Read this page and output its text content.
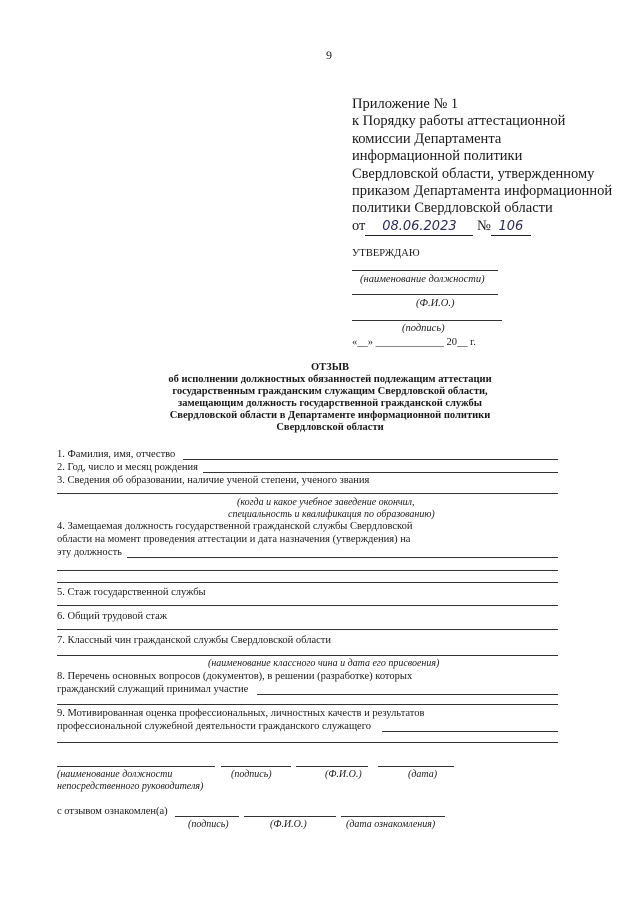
9
Приложение № 1
к Порядку работы аттестационной
комиссии Департамента
информационной политики
Свердловской области, утвержденному
приказом Департамента информационной
политики Свердловской области
от 08.06.2023 № 106
УТВЕРЖДАЮ
(наименование должности)
(Ф.И.О.)
(подпись)
«__» _____________ 20__ г.
ОТЗЫВ
об исполнении должностных обязанностей подлежащим аттестации
государственным гражданским служащим Свердловской области,
замещающим должность государственной гражданской службы
Свердловской области в Департаменте информационной политики
Свердловской области
1. Фамилия, имя, отчество
2. Год, число и месяц рождения
3. Сведения об образовании, наличие ученой степени, ученого звания
(когда и какое учебное заведение окончил,
специальность и квалификация по образованию)
4. Замещаемая должность государственной гражданской службы Свердловской
области на момент проведения аттестации и дата назначения (утверждения) на
эту должность
5. Стаж государственной службы
6. Общий трудовой стаж
7. Классный чин гражданской службы Свердловской области
(наименование классного чина и дата его присвоения)
8. Перечень основных вопросов (документов), в решении (разработке) которых
гражданский служащий принимал участие
9. Мотивированная оценка профессиональных, личностных качеств и результатов
профессиональной служебной деятельности гражданского служащего
(наименование должности	(подпись)	(Ф.И.О.)	(дата)
непосредственного руководителя)
с отзывом ознакомлен(а)
(подпись)	(Ф.И.О.)	(дата ознакомления)
